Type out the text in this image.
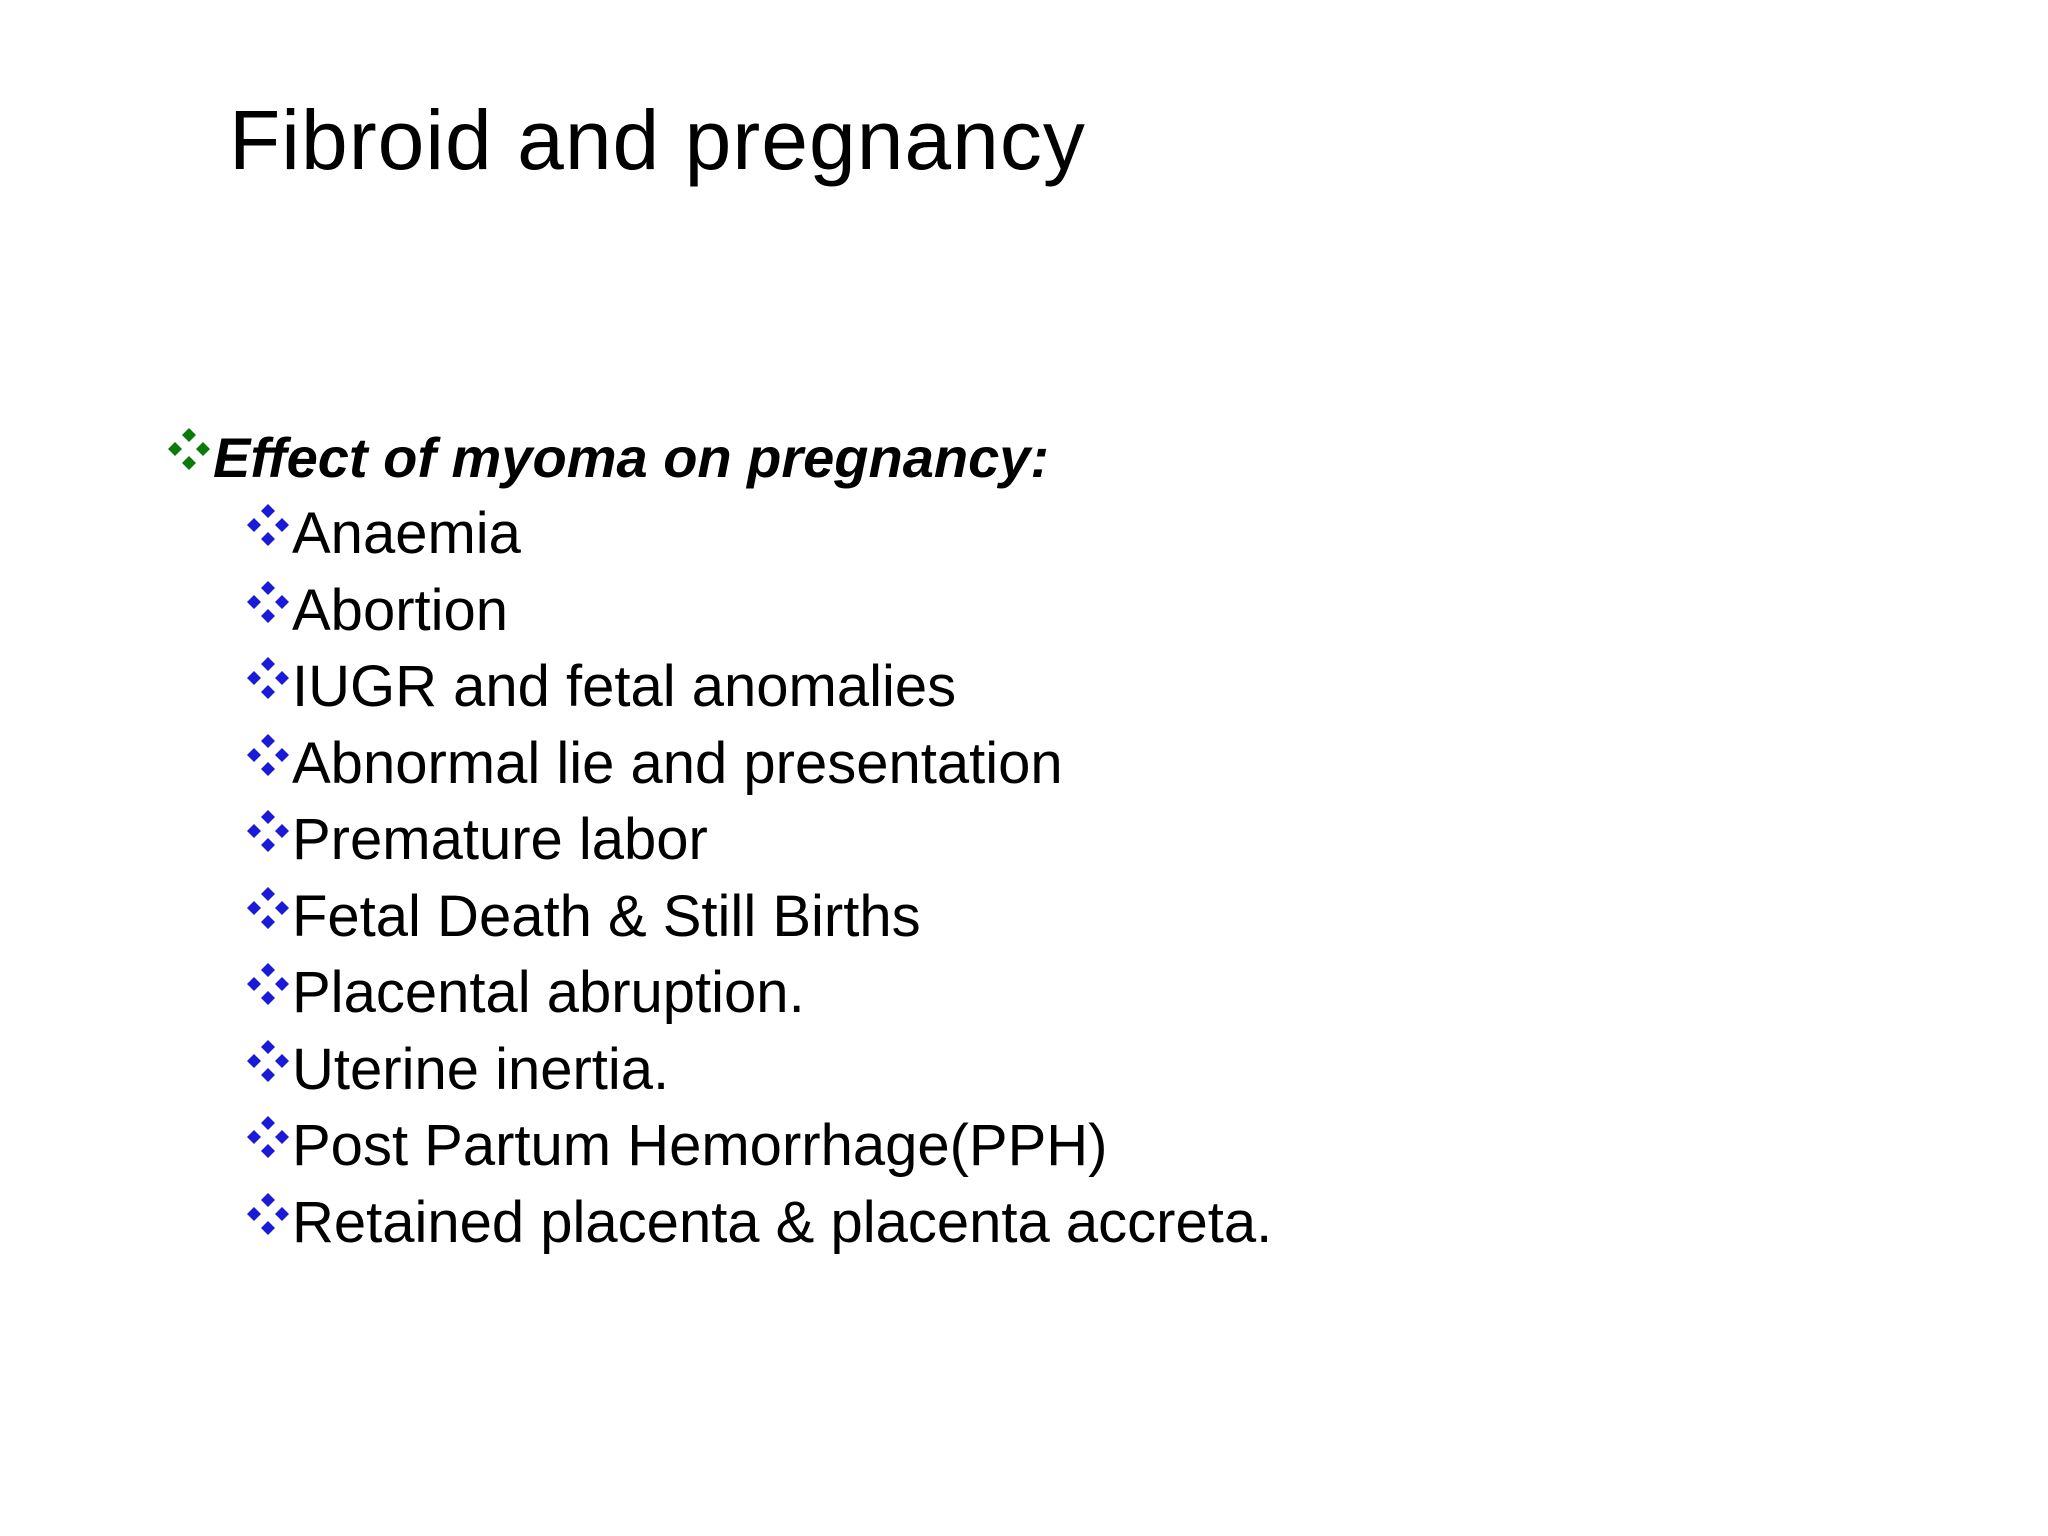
Fibroid and pregnancy
Effect of myoma on pregnancy:
Anaemia
Abortion
IUGR and fetal anomalies
Abnormal lie and presentation
Premature labor
Fetal Death & Still Births
Placental abruption.
Uterine inertia.
Post Partum Hemorrhage(PPH)
Retained placenta & placenta accreta.
